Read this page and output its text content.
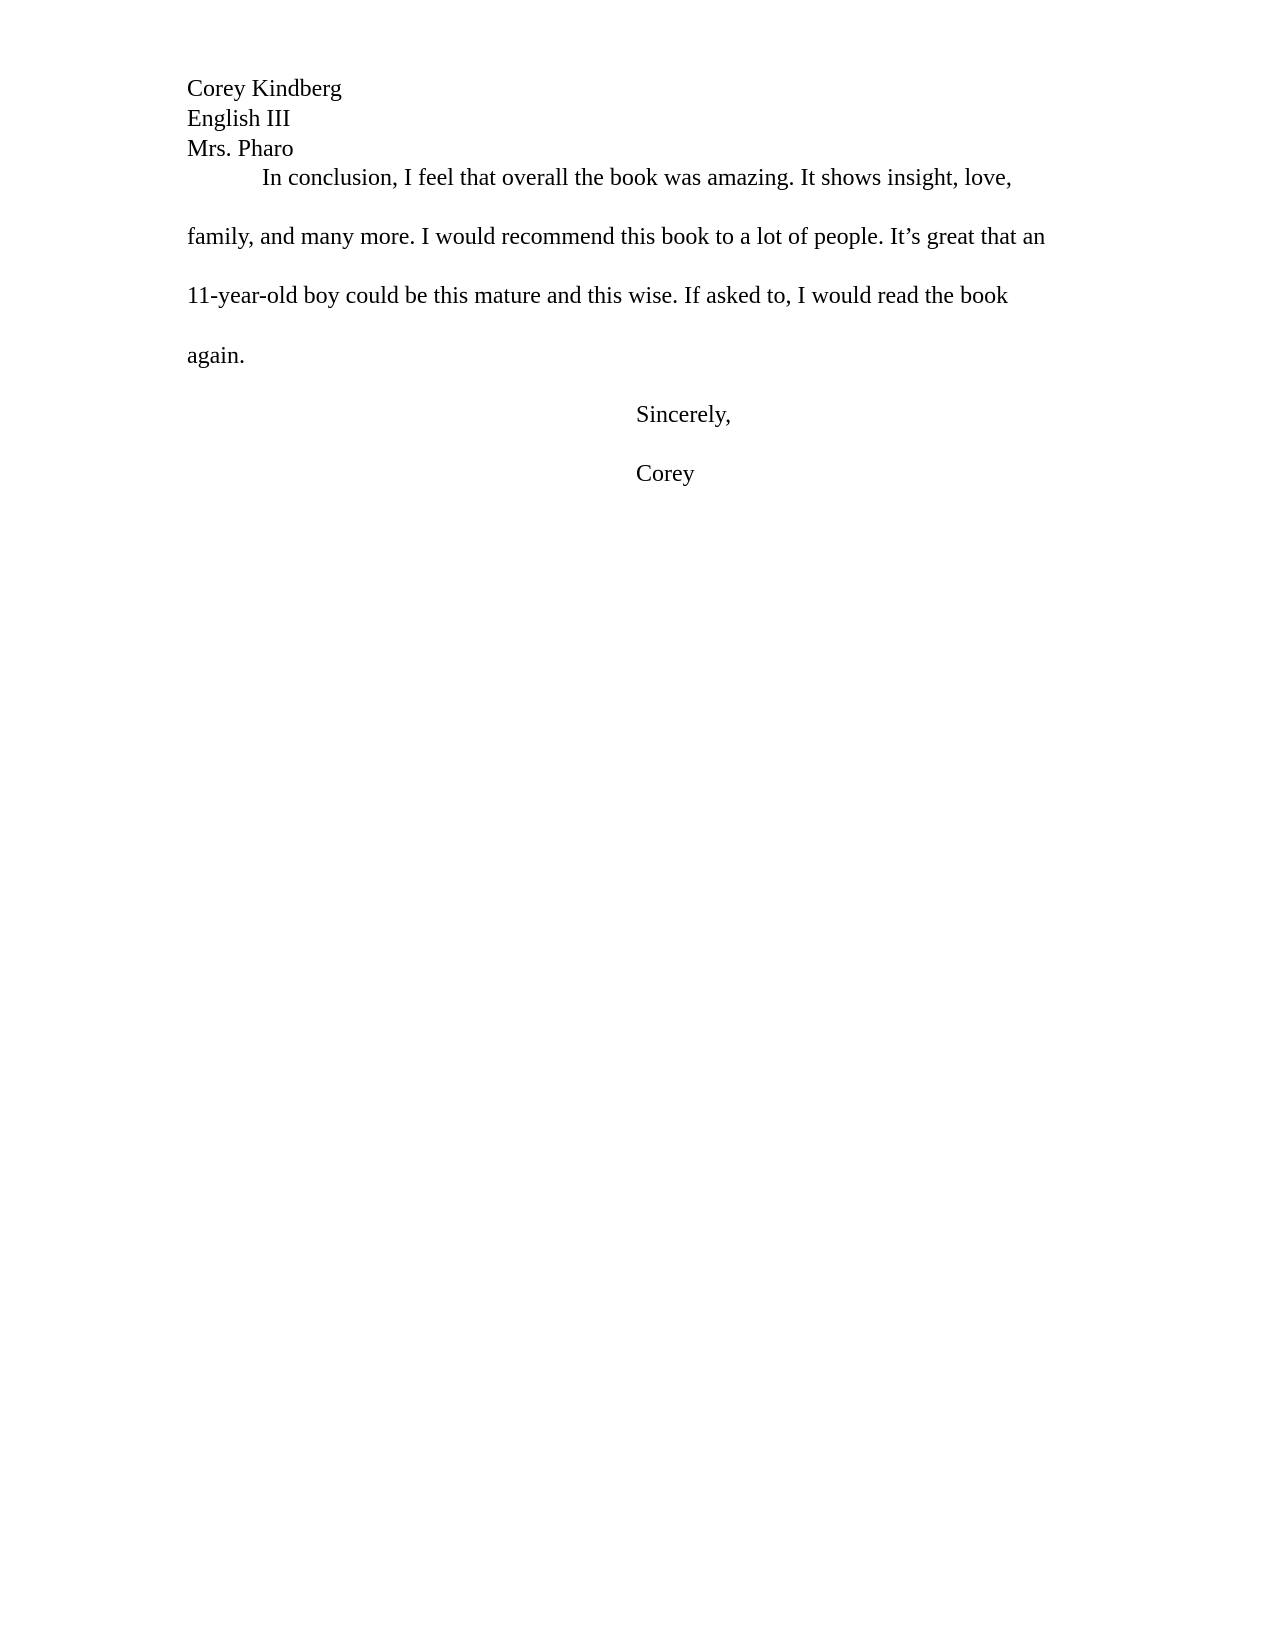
Corey Kindberg
English III
Mrs. Pharo
In conclusion, I feel that overall the book was amazing. It shows insight, love,
family, and many more. I would recommend this book to a lot of people. It’s great that an
11-year-old boy could be this mature and this wise. If asked to, I would read the book
again.
Sincerely,
Corey
